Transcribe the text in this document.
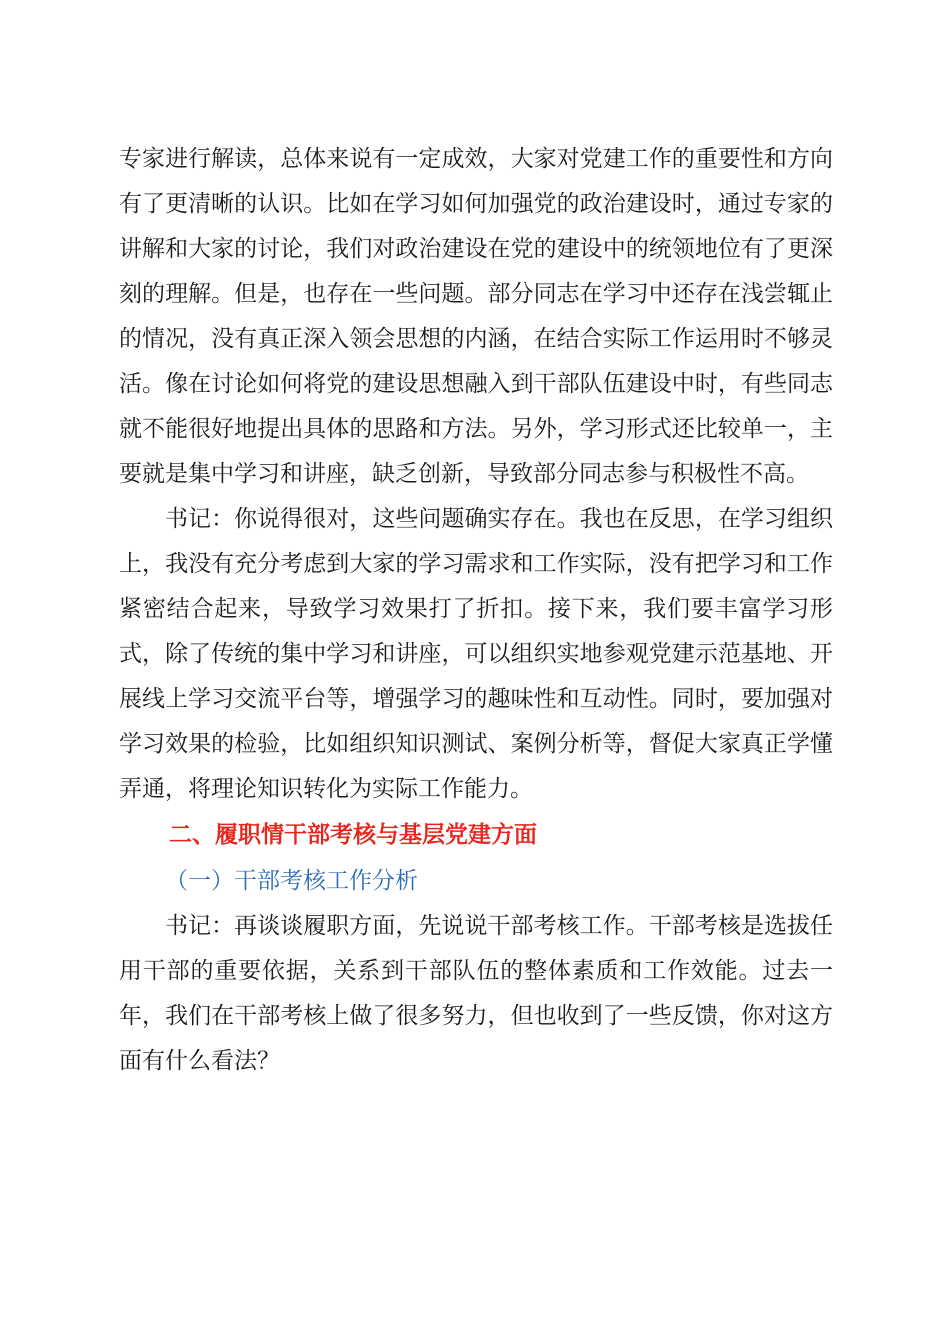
专家进行解读，总体来说有一定成效，大家对党建工作的重要性和方向有了更清晰的认识。比如在学习如何加强党的政治建设时，通过专家的讲解和大家的讨论，我们对政治建设在党的建设中的统领地位有了更深刻的理解。但是，也存在一些问题。部分同志在学习中还存在浅尝辄止的情况，没有真正深入领会思想的内涵，在结合实际工作运用时不够灵活。像在讨论如何将党的建设思想融入到干部队伍建设中时，有些同志就不能很好地提出具体的思路和方法。另外，学习形式还比较单一，主要就是集中学习和讲座，缺乏创新，导致部分同志参与积极性不高。

书记：你说得很对，这些问题确实存在。我也在反思，在学习组织上，我没有充分考虑到大家的学习需求和工作实际，没有把学习和工作紧密结合起来，导致学习效果打了折扣。接下来，我们要丰富学习形式，除了传统的集中学习和讲座，可以组织实地参观党建示范基地、开展线上学习交流平台等，增强学习的趣味性和互动性。同时，要加强对学习效果的检验，比如组织知识测试、案例分析等，督促大家真正学懂弄通，将理论知识转化为实际工作能力。

二、履职情干部考核与基层党建方面

（一）干部考核工作分析

书记：再谈谈履职方面，先说说干部考核工作。干部考核是选拔任用干部的重要依据，关系到干部队伍的整体素质和工作效能。过去一年，我们在干部考核上做了很多努力，但也收到了一些反馈，你对这方面有什么看法？
